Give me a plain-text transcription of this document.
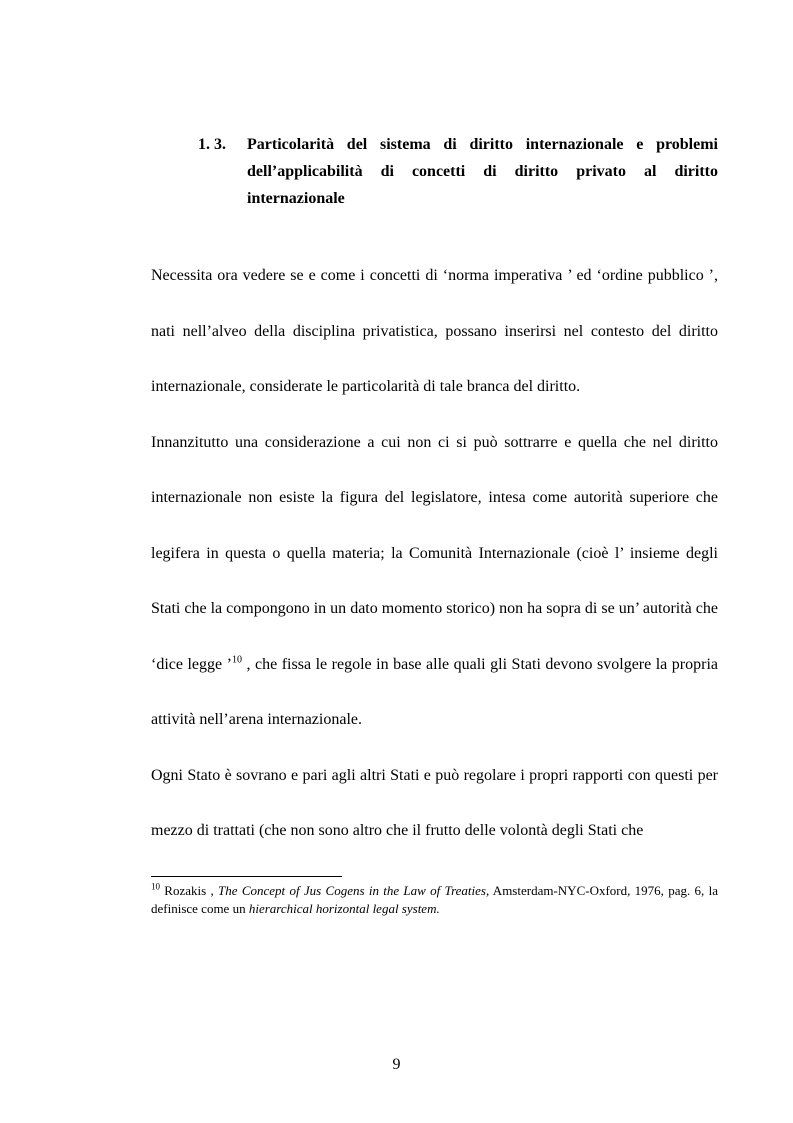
1. 3. Particolarità del sistema di diritto internazionale e problemi dell’applicabilità di concetti di diritto privato al diritto internazionale

Necessita ora vedere se e come i concetti di ‘norma imperativa ’ ed ‘ordine pubblico ’, nati nell’alveo della disciplina privatistica, possano inserirsi nel contesto del diritto internazionale, considerate le particolarità di tale branca del diritto.

Innanzitutto una considerazione a cui non ci si può sottrarre e quella che nel diritto internazionale non esiste la figura del legislatore, intesa come autorità superiore che legifera in questa o quella materia; la Comunità Internazionale (cioè l’ insieme degli Stati che la compongono in un dato momento storico) non ha sopra di se un’ autorità che ‘dice legge ’$^{10}$ , che fissa le regole in base alle quali gli Stati devono svolgere la propria attività nell’arena internazionale.

Ogni Stato è sovrano e pari agli altri Stati e può regolare i propri rapporti con questi per mezzo di trattati (che non sono altro che il frutto delle volontà degli Stati che

$^{10}$ Rozakis , The Concept of Jus Cogens in the Law of Treaties, Amsterdam-NYC-Oxford, 1976, pag. 6, la definisce come un hierarchical horizontal legal system.
9
